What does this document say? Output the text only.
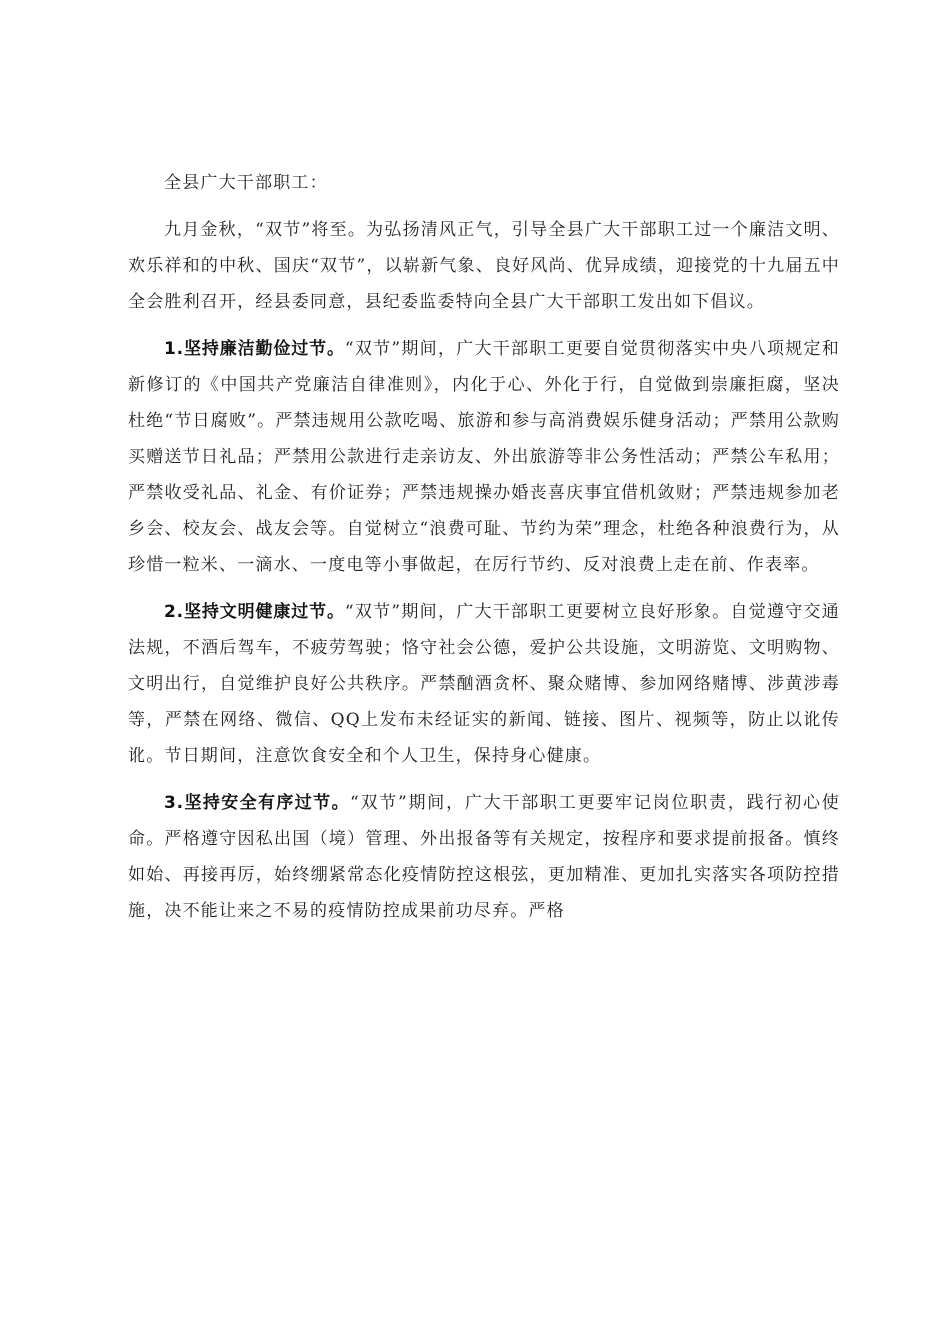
全县广大干部职工：

九月金秋，“双节”将至。为弘扬清风正气，引导全县广大干部职工过一个廉洁文明、欢乐祥和的中秋、国庆“双节”，以崭新气象、良好风尚、优异成绩，迎接党的十九届五中全会胜利召开，经县委同意，县纪委监委特向全县广大干部职工发出如下倡议。

1.坚持廉洁勤俭过节。“双节”期间，广大干部职工更要自觉贯彻落实中央八项规定和新修订的《中国共产党廉洁自律准则》，内化于心、外化于行，自觉做到崇廉拒腐，坚决杜绝“节日腐败”。严禁违规用公款吃喝、旅游和参与高消费娱乐健身活动；严禁用公款购买赠送节日礼品；严禁用公款进行走亲访友、外出旅游等非公务性活动；严禁公车私用；严禁收受礼品、礼金、有价证券；严禁违规操办婚丧喜庆事宜借机敛财；严禁违规参加老乡会、校友会、战友会等。自觉树立“浪费可耻、节约为荣”理念，杜绝各种浪费行为，从珍惜一粒米、一滴水、一度电等小事做起，在厉行节约、反对浪费上走在前、作表率。

2.坚持文明健康过节。“双节”期间，广大干部职工更要树立良好形象。自觉遵守交通法规，不酒后驾车，不疲劳驾驶；恪守社会公德，爱护公共设施，文明游览、文明购物、文明出行，自觉维护良好公共秩序。严禁酗酒贪杯、聚众赌博、参加网络赌博、涉黄涉毒等，严禁在网络、微信、QQ上发布未经证实的新闻、链接、图片、视频等，防止以讹传讹。节日期间，注意饮食安全和个人卫生，保持身心健康。

3.坚持安全有序过节。“双节”期间，广大干部职工更要牢记岗位职责，践行初心使命。严格遵守因私出国（境）管理、外出报备等有关规定，按程序和要求提前报备。慎终如始、再接再厉，始终绷紧常态化疫情防控这根弦，更加精准、更加扎实落实各项防控措施，决不能让来之不易的疫情防控成果前功尽弃。严格
